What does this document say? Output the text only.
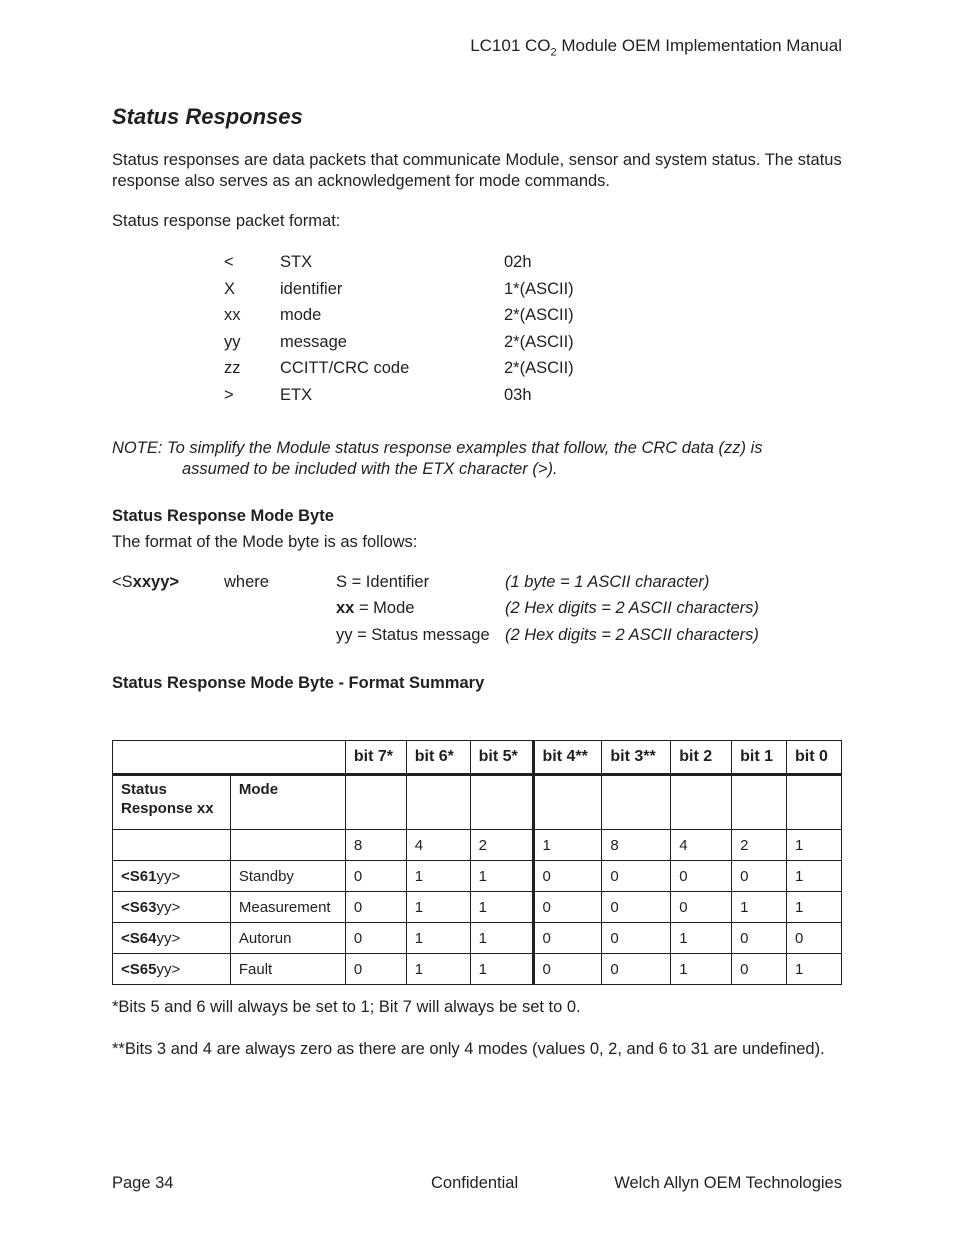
LC101 $CO_2$ Module OEM Implementation Manual
Status Responses
Status responses are data packets that communicate Module, sensor and system status. The status response also serves as an acknowledgement for mode commands.
Status response packet format:
<	STX	02h
X	identifier	1*(ASCII)
xx mode	2*(ASCII)
yy message	2*(ASCII)
zz CCITT/CRC code	2*(ASCII)
>	ETX	03h
NOTE: To simplify the Module status response examples that follow, the CRC data (zz) is
assumed to be included with the ETX character (>).
Status Response Mode Byte
The format of the Mode byte is as follows:
<Sxxyy>	where	S = Identifier	(1 byte = 1 ASCII character)
xx = Mode	(2 Hex digits = 2 ASCII characters)
yy = Status message (2 Hex digits = 2 ASCII characters)
Status Response Mode Byte - Format Summary
		bit 7*	bit 6*	bit 5*	bit 4**	bit 3**	bit 2	bit 1	bit 0
Status Response xx	Mode								
		8	4	2	1	8	4	2	1
<S61yy>	Standby	0	1	1	0	0	0	0	1
<S63yy>	Measurement	0	1	1	0	0	0	1	1
<S64yy>	Autorun	0	1	1	0	0	1	0	0
<S65yy>	Fault	0	1	1	0	0	1	0	1
*Bits 5 and 6 will always be set to 1; Bit 7 will always be set to 0.
**Bits 3 and 4 are always zero as there are only 4 modes (values 0, 2, and 6 to 31 are undefined).
Page 34	Confidential	Welch Allyn OEM Technologies
